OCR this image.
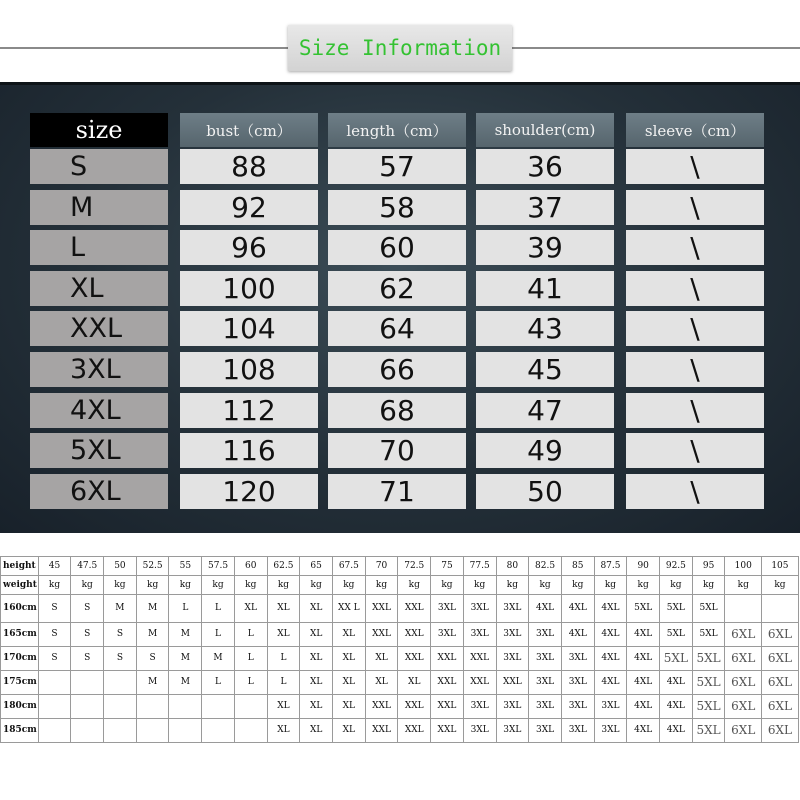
Size Information
size	bust（cm）	length（cm）	shoulder(cm)	sleeve（cm）
S	88	57	36	\
M	92	58	37	\
L	96	60	39	\
XL	100	62	41	\
XXL	104	64	43	\
3XL	108	66	45	\
4XL	112	68	47	\
5XL	116	70	49	\
6XL	120	71	50	\
height	45	47.5	50	52.5	55	57.5	60	62.5	65	67.5	70	72.5	75	77.5	80	82.5	85	87.5	90	92.5	95	100	105
weight	kg	kg	kg	kg	kg	kg	kg	kg	kg	kg	kg	kg	kg	kg	kg	kg	kg	kg	kg	kg	kg	kg	kg
160cm	S	S	M	M	L	L	XL	XL	XL	XX L	XXL	XXL	3XL	3XL	3XL	4XL	4XL	4XL	5XL	5XL	5XL		
165cm	S	S	S	M	M	L	L	XL	XL	XL	XXL	XXL	3XL	3XL	3XL	3XL	4XL	4XL	4XL	5XL	5XL	6XL	6XL
170cm	S	S	S	S	M	M	L	L	XL	XL	XL	XXL	XXL	XXL	3XL	3XL	3XL	4XL	4XL	5XL	5XL	6XL	6XL
175cm				M	M	L	L	L	XL	XL	XL	XL	XXL	XXL	XXL	3XL	3XL	4XL	4XL	4XL	5XL	6XL	6XL
180cm								XL	XL	XL	XXL	XXL	XXL	3XL	3XL	3XL	3XL	3XL	4XL	4XL	5XL	6XL	6XL
185cm								XL	XL	XL	XXL	XXL	XXL	3XL	3XL	3XL	3XL	3XL	4XL	4XL	5XL	6XL	6XL
